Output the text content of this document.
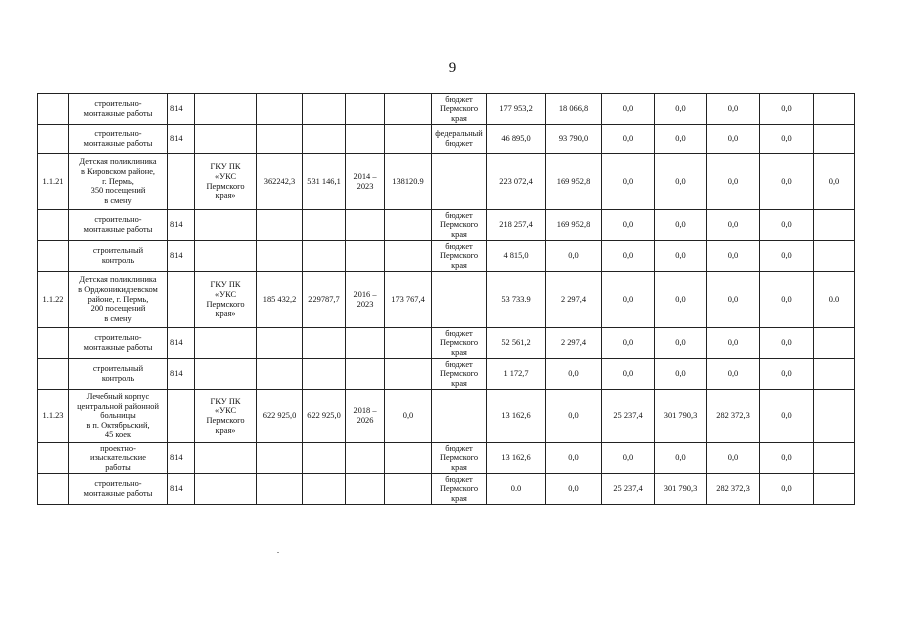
9
	строительно-
монтажные работы	814						бюджет
Пермского
края	177 953,2	18 066,8	0,0	0,0	0,0	0,0	
	строительно-
монтажные работы	814						федеральный
бюджет	46 895,0	93 790,0	0,0	0,0	0,0	0,0	
1.1.21	Детская поликлиника
в Кировском районе,
г. Пермь,
350 посещений
в смену		ГКУ ПК
«УКС
Пермского
края»	362242,3	531 146,1	2014 –
2023	138120.9		223 072,4	169 952,8	0,0	0,0	0,0	0,0	0,0
	строительно-
монтажные работы	814						бюджет
Пермского
края	218 257,4	169 952,8	0,0	0,0	0,0	0,0	
	строительный
контроль	814						бюджет
Пермского
края	4 815,0	0,0	0,0	0,0	0,0	0,0	
1.1.22	Детская поликлиника
в Орджоникидзевском
районе, г. Пермь,
200 посещений
в смену		ГКУ ПК
«УКС
Пермского
края»	185 432,2	229787,7	2016 –
2023	173 767,4		53 733.9	2 297,4	0,0	0,0	0,0	0,0	0.0
	строительно-
монтажные работы	814						бюджет
Пермского
края	52 561,2	2 297,4	0,0	0,0	0,0	0,0	
	строительный
контроль	814						бюджет
Пермского
края	1 172,7	0,0	0,0	0,0	0,0	0,0	
1.1.23	Лечебный корпус
центральной районной
больницы
в п. Октябрьский,
45 коек		ГКУ ПК
«УКС
Пермского
края»	622 925,0	622 925,0	2018 –
2026	0,0		13 162,6	0,0	25 237,4	301 790,3	282 372,3	0,0	
	проектно-
изыскательские
работы	814						бюджет
Пермского
края	13 162,6	0,0	0,0	0,0	0,0	0,0	
	строительно-
монтажные работы	814						бюджет
Пермского
края	0.0	0,0	25 237,4	301 790,3	282 372,3	0,0	
